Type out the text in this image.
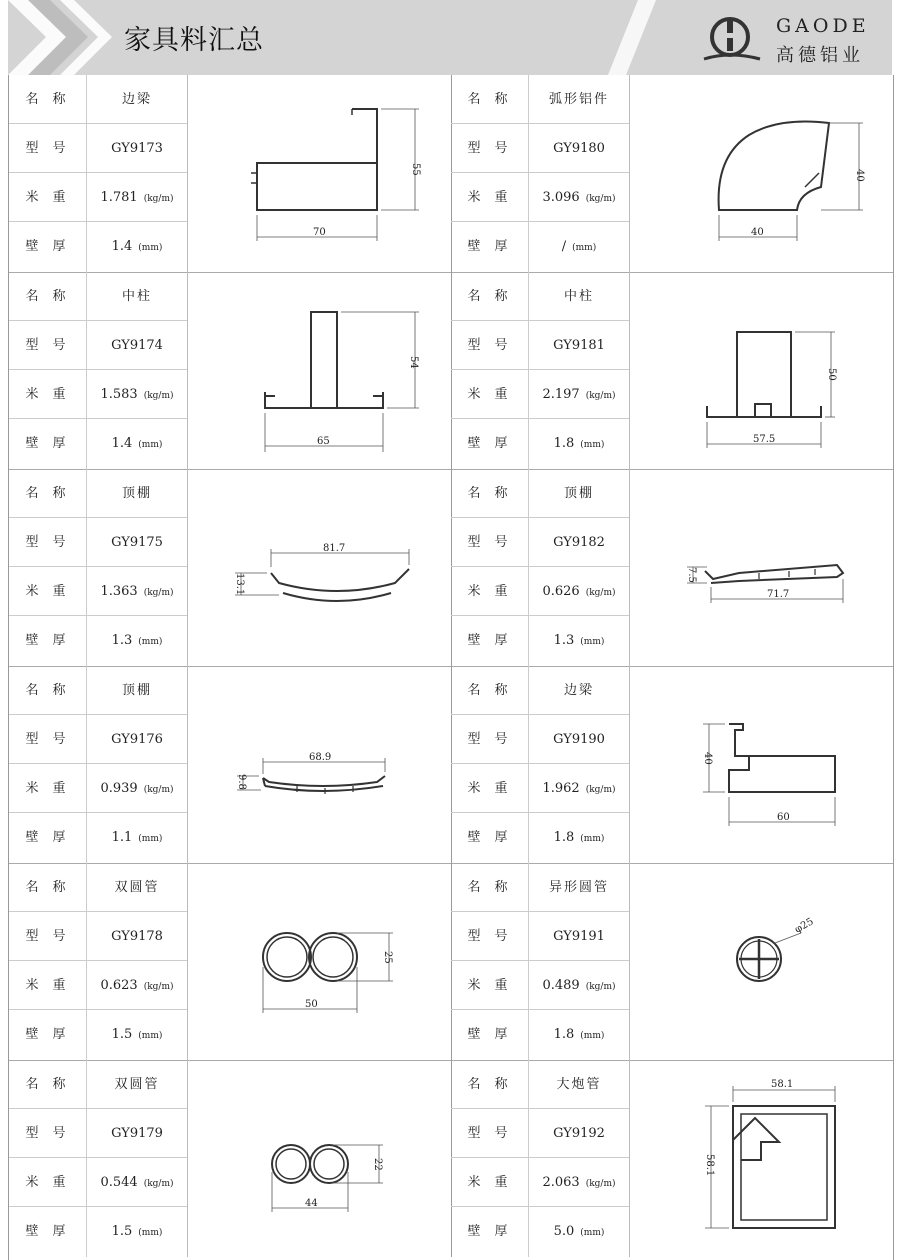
家具料汇总	GAODE
高德铝业
名称	边梁
型号	GY9173
米重	1.781 (kg/m)
壁厚	1.4 (mm)
55
70
名称	弧形铝件
型号	GY9180
米重	3.096 (kg/m)
壁厚	/ (mm)
40
40
名称	中柱
型号	GY9174
米重	1.583 (kg/m)
壁厚	1.4 (mm)
54
65
名称	中柱
型号	GY9181
米重	2.197 (kg/m)
壁厚	1.8 (mm)
50
57.5
名称	顶棚
型号	GY9175
米重	1.363 (kg/m)
壁厚	1.3 (mm)
81.7
13.1
名称	顶棚
型号	GY9182
米重	0.626 (kg/m)
壁厚	1.3 (mm)
7.5
71.7
名称	顶棚
型号	GY9176
米重	0.939 (kg/m)
壁厚	1.1 (mm)
68.9
9.8
名称	边梁
型号	GY9190
米重	1.962 (kg/m)
壁厚	1.8 (mm)
40
60
名称	双圆管
型号	GY9178
米重	0.623 (kg/m)
壁厚	1.5 (mm)
25
50
名称	异形圆管
型号	GY9191
米重	0.489 (kg/m)
壁厚	1.8 (mm)
φ25
名称	双圆管
型号	GY9179
米重	0.544 (kg/m)
壁厚	1.5 (mm)
22
44
名称	大炮管
型号	GY9192
米重	2.063 (kg/m)
壁厚	5.0 (mm)
58.1
58.1
